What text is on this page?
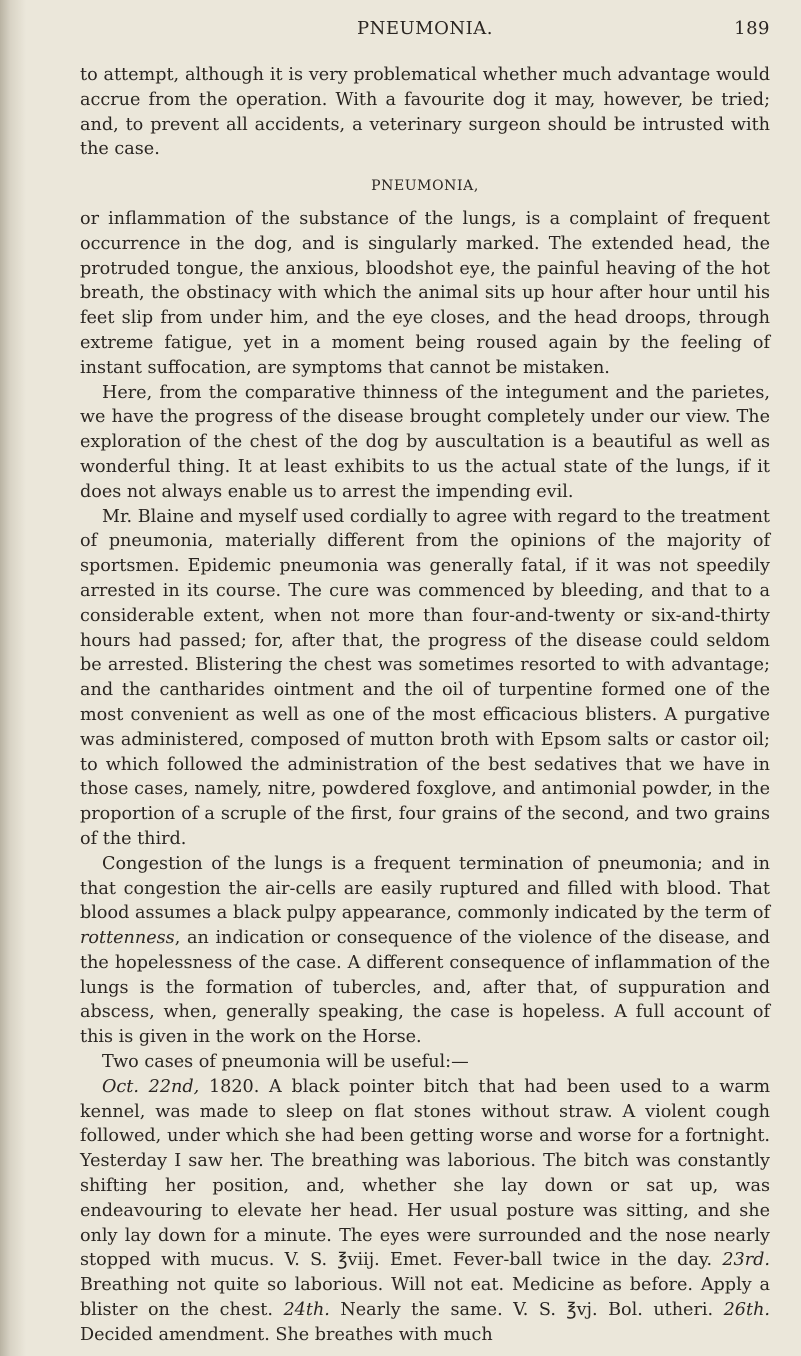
PNEUMONIA.	189

to attempt, although it is very problematical whether much advantage would accrue from the operation. With a favourite dog it may, however, be tried; and, to prevent all accidents, a veterinary surgeon should be intrusted with the case.

PNEUMONIA,

or inflammation of the substance of the lungs, is a complaint of frequent occurrence in the dog, and is singularly marked. The extended head, the protruded tongue, the anxious, bloodshot eye, the painful heaving of the hot breath, the obstinacy with which the animal sits up hour after hour until his feet slip from under him, and the eye closes, and the head droops, through extreme fatigue, yet in a moment being roused again by the feeling of instant suffocation, are symptoms that cannot be mistaken.

Here, from the comparative thinness of the integument and the parietes, we have the progress of the disease brought completely under our view. The exploration of the chest of the dog by auscultation is a beautiful as well as wonderful thing. It at least exhibits to us the actual state of the lungs, if it does not always enable us to arrest the impending evil.

Mr. Blaine and myself used cordially to agree with regard to the treatment of pneumonia, materially different from the opinions of the majority of sportsmen. Epidemic pneumonia was generally fatal, if it was not speedily arrested in its course. The cure was commenced by bleeding, and that to a considerable extent, when not more than four-and-twenty or six-and-thirty hours had passed; for, after that, the progress of the disease could seldom be arrested. Blistering the chest was sometimes resorted to with advantage; and the cantharides ointment and the oil of turpentine formed one of the most convenient as well as one of the most efficacious blisters. A purgative was administered, composed of mutton broth with Epsom salts or castor oil; to which followed the administration of the best sedatives that we have in those cases, namely, nitre, powdered foxglove, and antimonial powder, in the proportion of a scruple of the first, four grains of the second, and two grains of the third.

Congestion of the lungs is a frequent termination of pneumonia; and in that congestion the air-cells are easily ruptured and filled with blood. That blood assumes a black pulpy appearance, commonly indicated by the term of rottenness, an indication or consequence of the violence of the disease, and the hopelessness of the case. A different consequence of inflammation of the lungs is the formation of tubercles, and, after that, of suppuration and abscess, when, generally speaking, the case is hopeless. A full account of this is given in the work on the Horse.

Two cases of pneumonia will be useful:—

Oct. 22nd, 1820. A black pointer bitch that had been used to a warm kennel, was made to sleep on flat stones without straw. A violent cough followed, under which she had been getting worse and worse for a fortnight. Yesterday I saw her. The breathing was laborious. The bitch was constantly shifting her position, and, whether she lay down or sat up, was endeavouring to elevate her head. Her usual posture was sitting, and she only lay down for a minute. The eyes were surrounded and the nose nearly stopped with mucus. V. S. ℥viij. Emet. Fever-ball twice in the day. 23rd. Breathing not quite so laborious. Will not eat. Medicine as before. Apply a blister on the chest. 24th. Nearly the same. V. S. ℥vj. Bol. utheri. 26th. Decided amendment. She breathes with much
